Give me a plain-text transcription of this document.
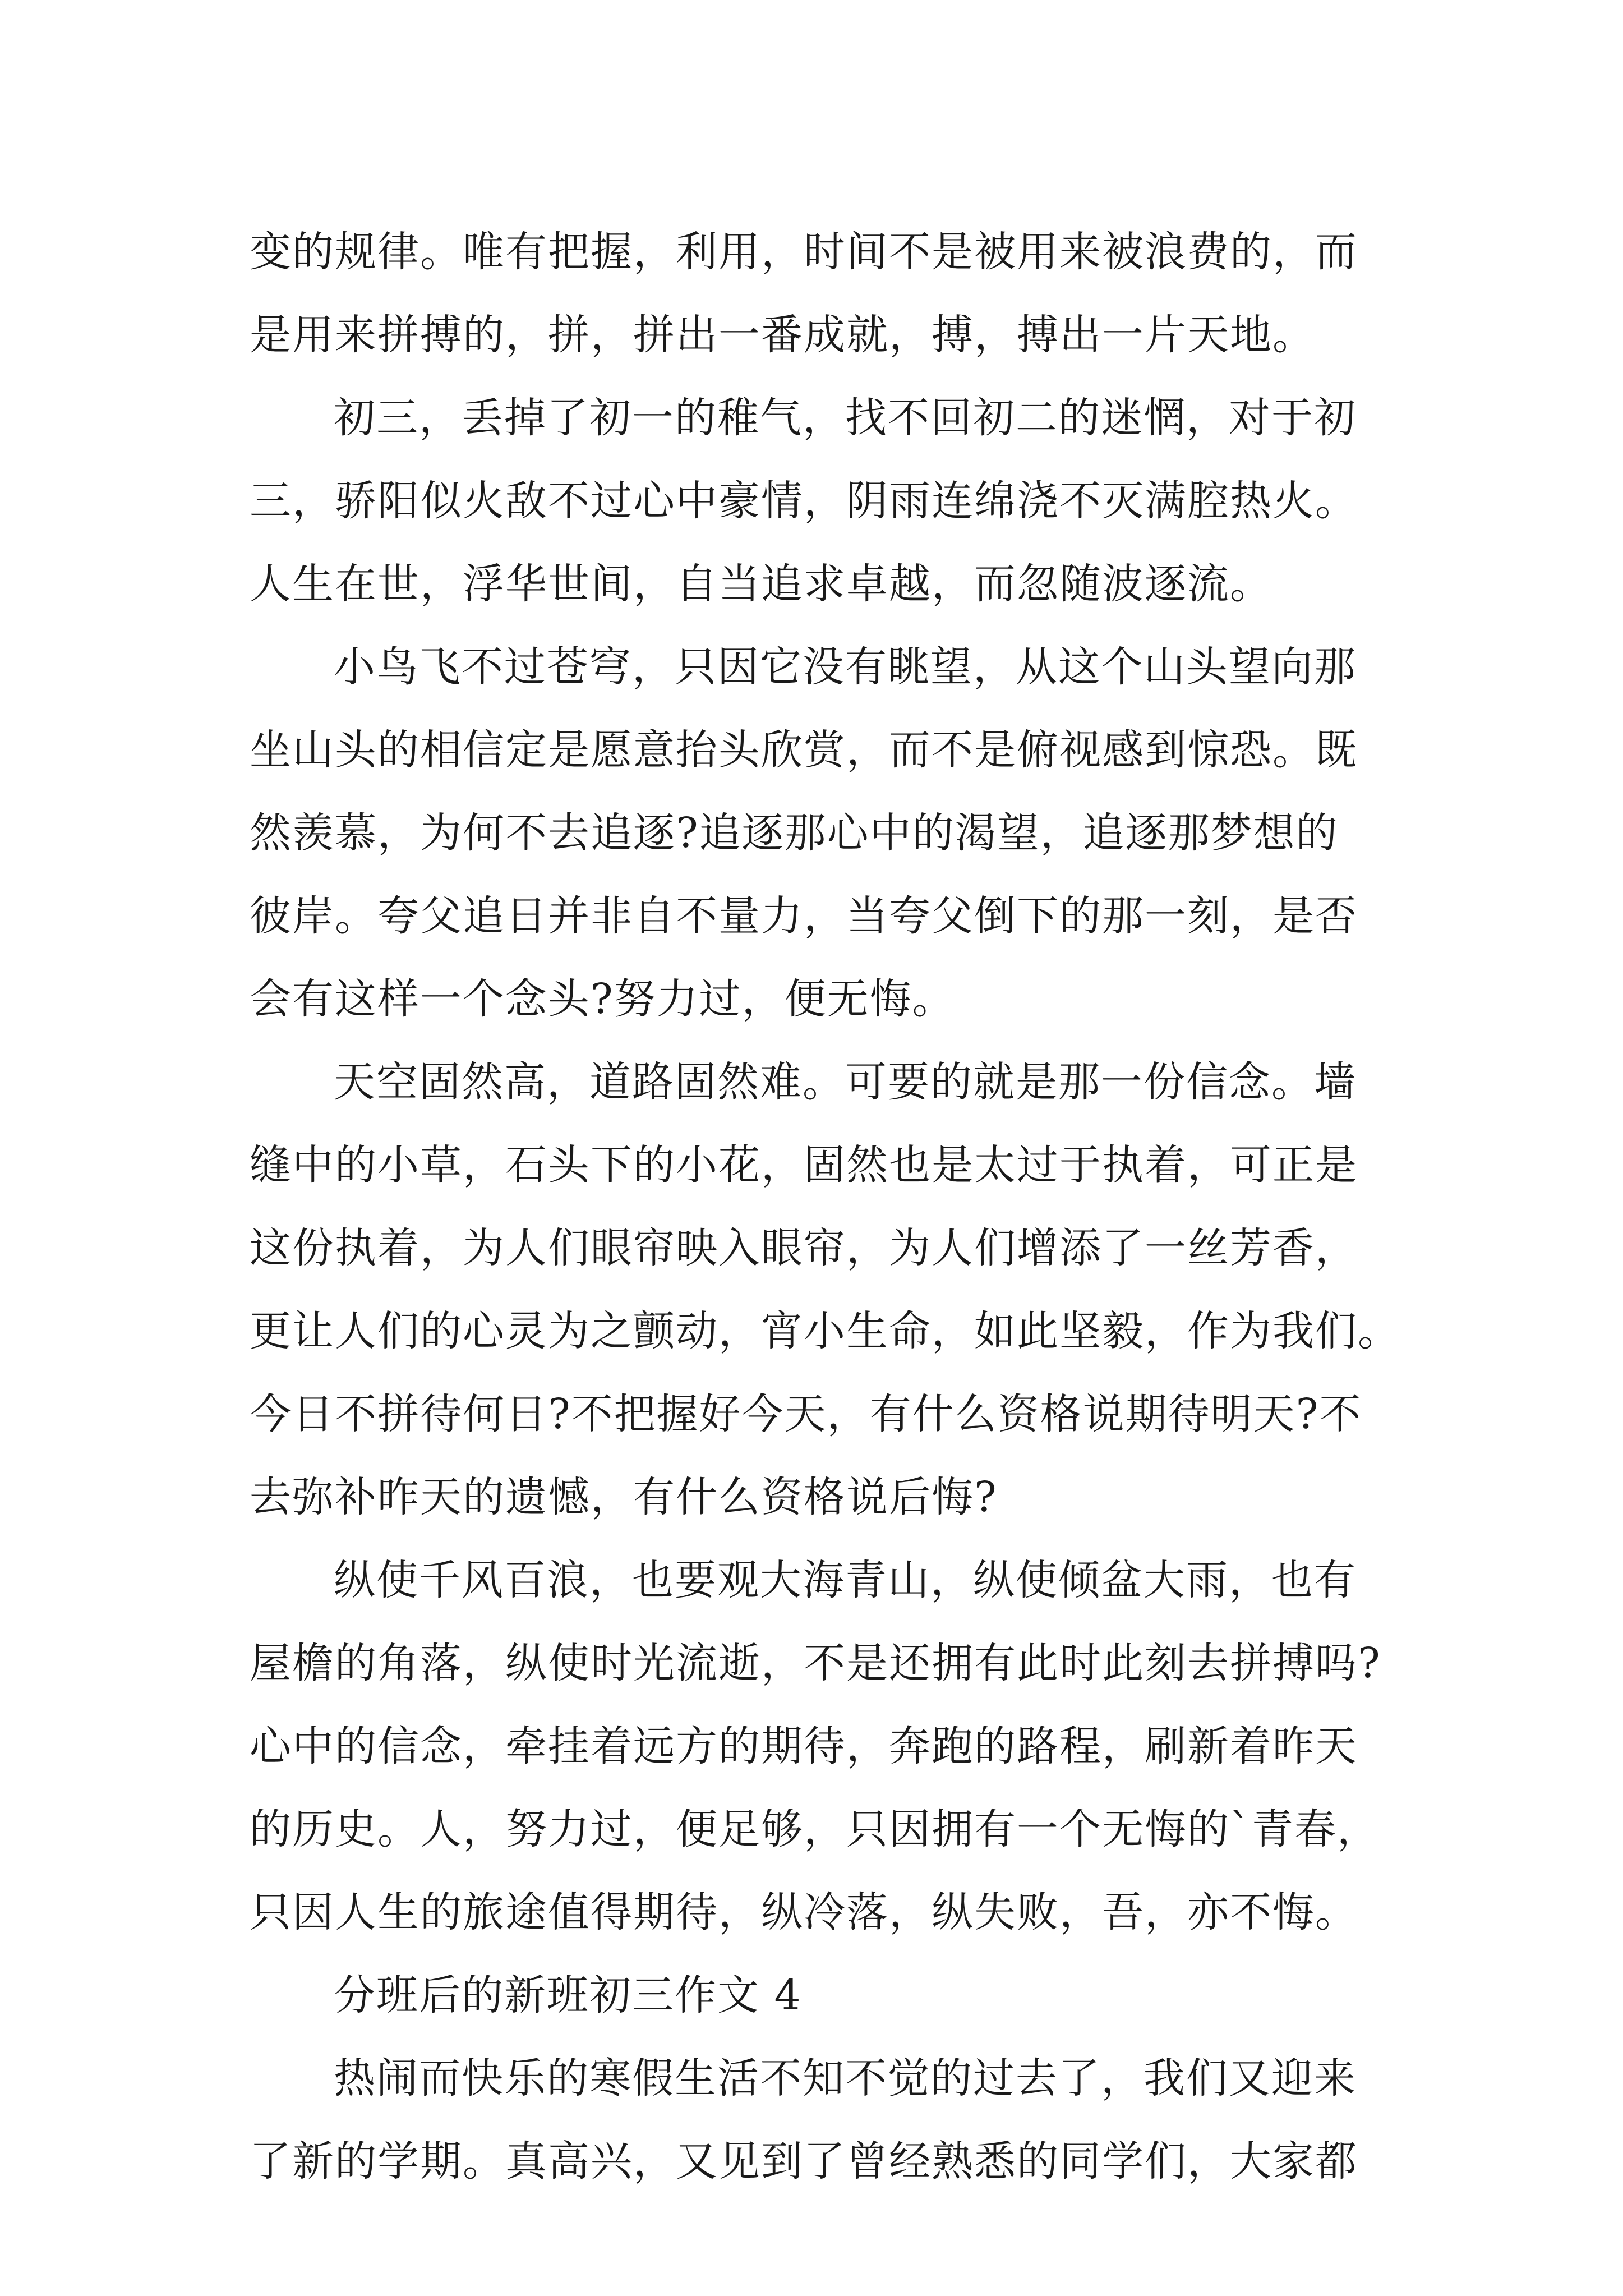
变的规律。唯有把握，利用，时间不是被用来被浪费的，而
是用来拼搏的，拼，拼出一番成就，搏，搏出一片天地。
初三，丢掉了初一的稚气，找不回初二的迷惘，对于初
三，骄阳似火敌不过心中豪情，阴雨连绵浇不灭满腔热火。
人生在世，浮华世间，自当追求卓越，而忽随波逐流。
小鸟飞不过苍穹，只因它没有眺望，从这个山头望向那
坐山头的相信定是愿意抬头欣赏，而不是俯视感到惊恐。既
然羡慕，为何不去追逐?追逐那心中的渴望，追逐那梦想的
彼岸。夸父追日并非自不量力，当夸父倒下的那一刻，是否
会有这样一个念头?努力过，便无悔。
天空固然高，道路固然难。可要的就是那一份信念。墙
缝中的小草，石头下的小花，固然也是太过于执着，可正是
这份执着，为人们眼帘映入眼帘，为人们增添了一丝芳香，
更让人们的心灵为之颤动，宵小生命，如此坚毅，作为我们。
今日不拼待何日?不把握好今天，有什么资格说期待明天?不
去弥补昨天的遗憾，有什么资格说后悔?
纵使千风百浪，也要观大海青山，纵使倾盆大雨，也有
屋檐的角落，纵使时光流逝，不是还拥有此时此刻去拼搏吗?
心中的信念，牵挂着远方的期待，奔跑的路程，刷新着昨天
的历史。人，努力过，便足够，只因拥有一个无悔的`青春，
只因人生的旅途值得期待，纵冷落，纵失败，吾，亦不悔。
分班后的新班初三作文 4
热闹而快乐的寒假生活不知不觉的过去了，我们又迎来
了新的学期。真高兴，又见到了曾经熟悉的同学们，大家都
